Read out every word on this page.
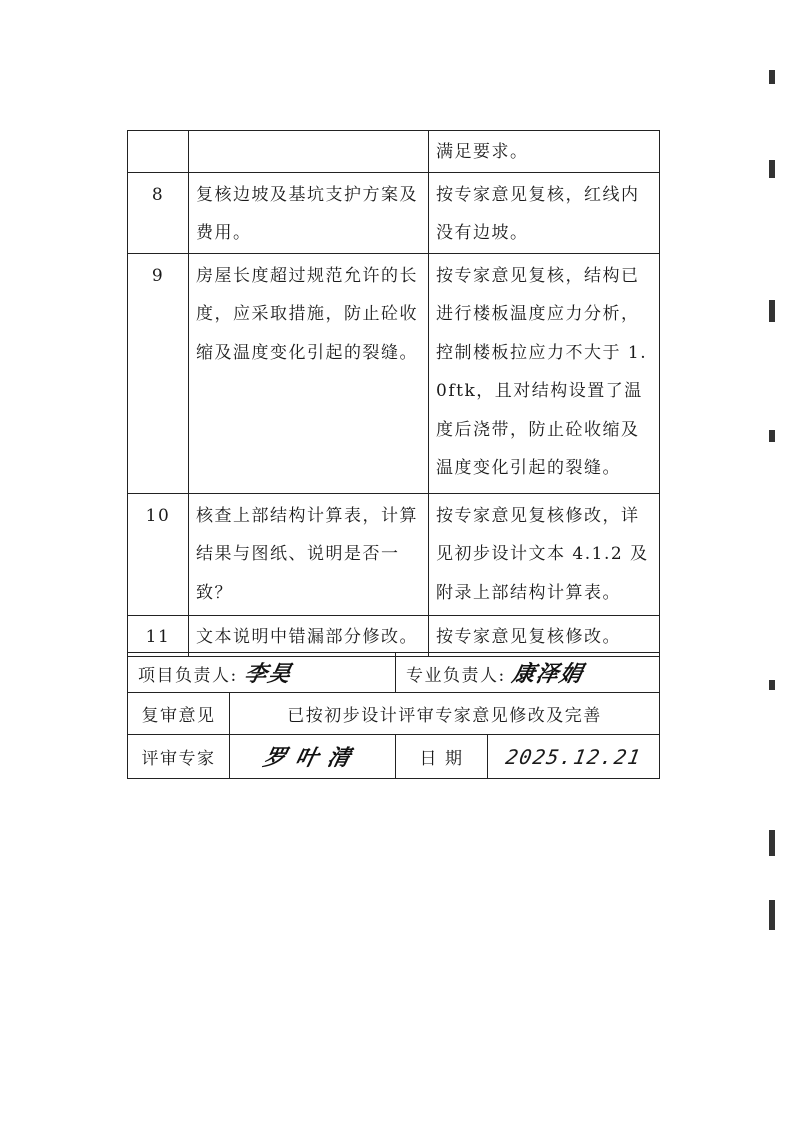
		满足要求。
8	复核边坡及基坑支护方案及费用。	按专家意见复核，红线内没有边坡。
9	房屋长度超过规范允许的长度，应采取措施，防止砼收缩及温度变化引起的裂缝。	按专家意见复核，结构已进行楼板温度应力分析，控制楼板拉应力不大于 1.0ftk，且对结构设置了温度后浇带，防止砼收缩及温度变化引起的裂缝。
10	核查上部结构计算表，计算结果与图纸、说明是否一致？	按专家意见复核修改，详见初步设计文本 4.1.2 及附录上部结构计算表。
11	文本说明中错漏部分修改。	按专家意见复核修改。
项目负责人: 李昊		专业负责人: 康泽娟	
复审意见	已按初步设计评审专家意见修改及完善		
评审专家	罗叶清	日 期	2025.12.21
